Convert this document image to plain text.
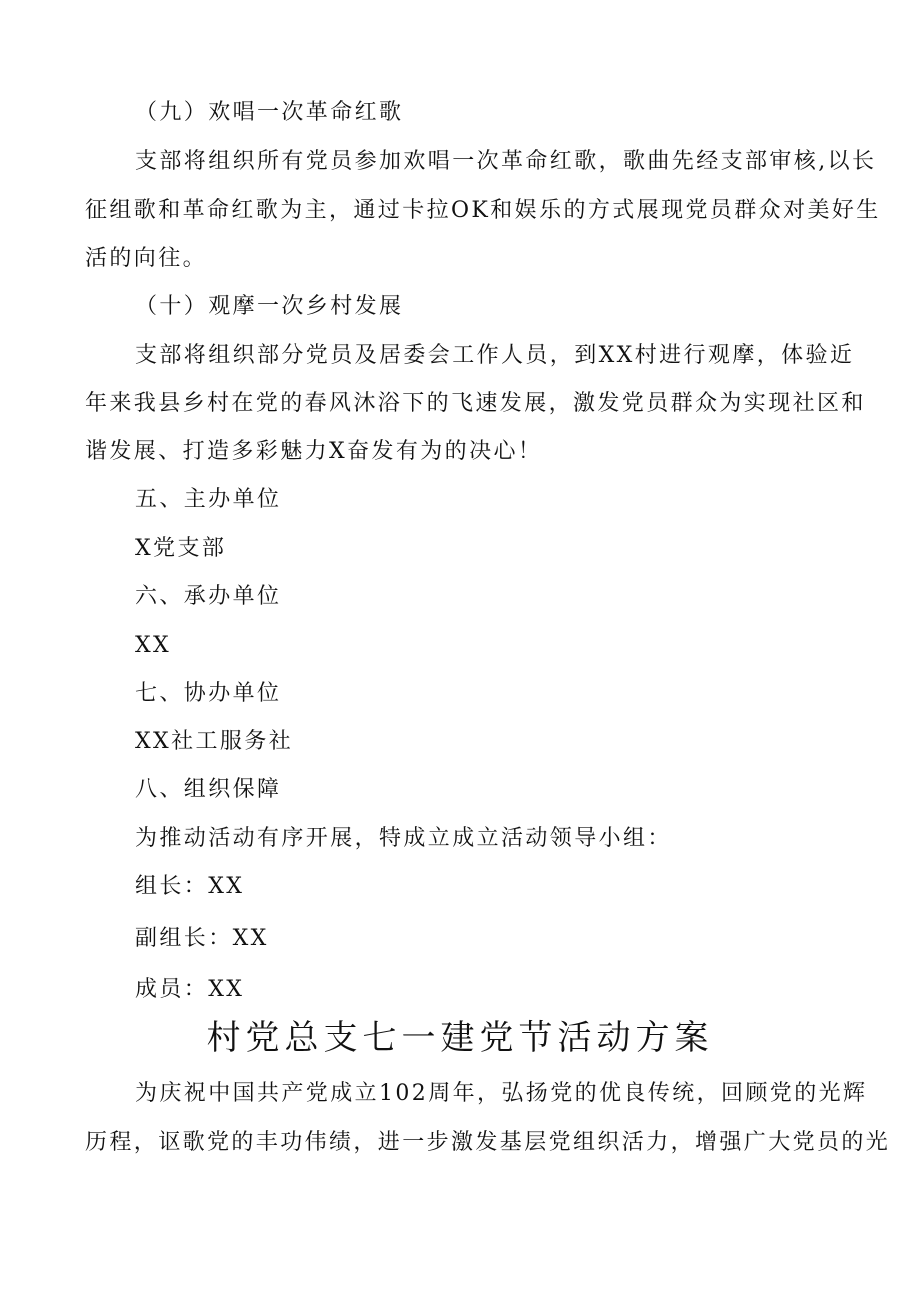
（九）欢唱一次革命红歌
支部将组织所有党员参加欢唱一次革命红歌，歌曲先经支部审核,以长
征组歌和革命红歌为主，通过卡拉OK和娱乐的方式展现党员群众对美好生
活的向往。
（十）观摩一次乡村发展
支部将组织部分党员及居委会工作人员，到XX村进行观摩，体验近
年来我县乡村在党的春风沐浴下的飞速发展，激发党员群众为实现社区和
谐发展、打造多彩魅力X奋发有为的决心！
五、主办单位
X党支部
六、承办单位
XX
七、协办单位
XX社工服务社
八、组织保障
为推动活动有序开展，特成立成立活动领导小组：
组长：XX
副组长：XX
成员：XX
村党总支七一建党节活动方案
为庆祝中国共产党成立102周年，弘扬党的优良传统，回顾党的光辉
历程，讴歌党的丰功伟绩，进一步激发基层党组织活力，增强广大党员的光
